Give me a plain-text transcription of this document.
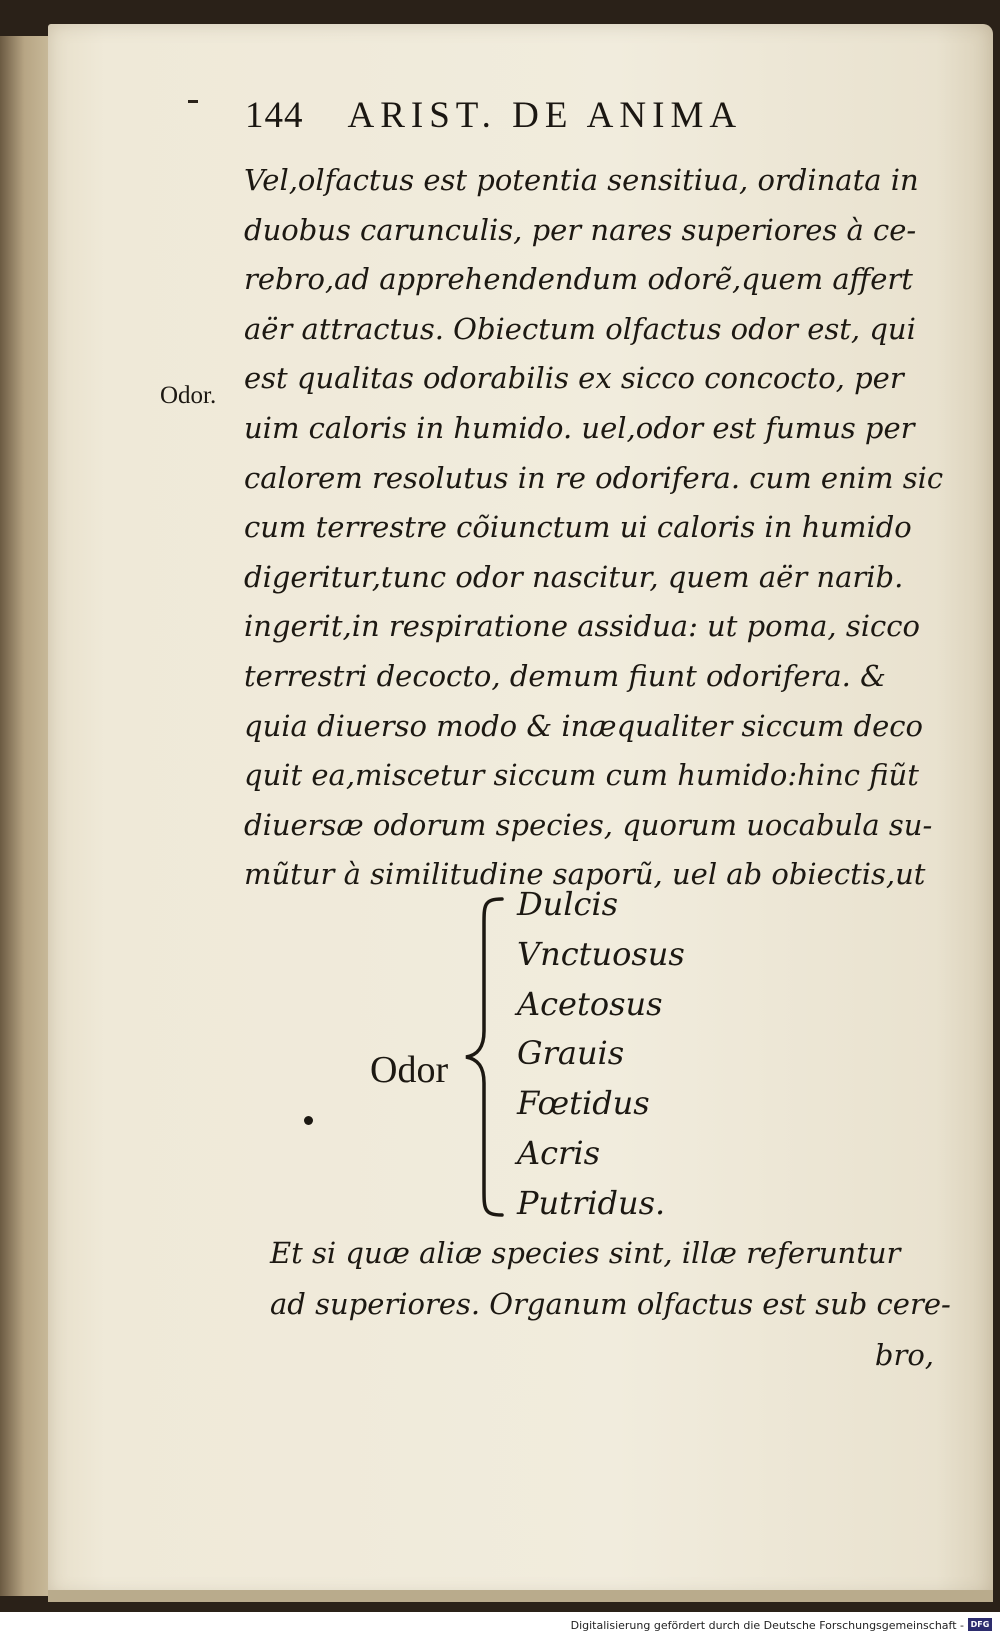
144 ARIST. DE ANIMA
Odor.
Vel,olfactus est potentia sensitiua, ordinata in
duobus carunculis, per nares superiores à ce-
rebro,ad apprehendendum odorẽ,quem affert
aër attractus. Obiectum olfactus odor est, qui
est qualitas odorabilis ex sicco concocto, per
uim caloris in humido. uel,odor est fumus per
calorem resolutus in re odorifera. cum enim sic
cum terrestre cõiunctum ui caloris in humido
digeritur,tunc odor nascitur, quem aër narib.
ingerit,in respiratione assidua: ut poma, sicco
terrestri decocto, demum fiunt odorifera. &
quia diuerso modo & inæqualiter siccum deco
quit ea,miscetur siccum cum humido:hinc fiũt
diuersæ odorum species, quorum uocabula su-
mũtur à similitudine saporũ, uel ab obiectis,ut
Odor
Dulcis
Vnctuosus
Acetosus
Grauis
Fœtidus
Acris
Putridus.
Et si quæ aliæ species sint, illæ referuntur
ad superiores. Organum olfactus est sub cere-
bro,
Digitalisierung gefördert durch die Deutsche Forschungsgemeinschaft - DFG
